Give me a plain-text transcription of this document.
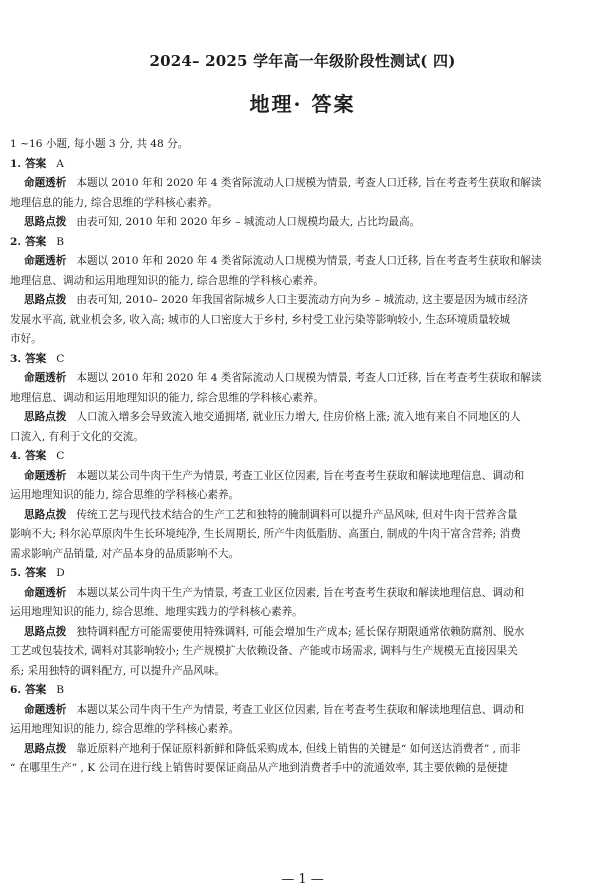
2024– 2025 学年高一年级阶段性测试( 四)
地理· 答案
1 ~16 小题, 每小题 3 分, 共 48 分。
1. 答案 A
命题透析 本题以 2010 年和 2020 年 4 类省际流动人口规模为情景, 考查人口迁移, 旨在考查考生获取和解读
地理信息的能力, 综合思维的学科核心素养。
思路点拨 由表可知, 2010 年和 2020 年乡 – 城流动人口规模均最大, 占比均最高。
2. 答案 B
命题透析 本题以 2010 年和 2020 年 4 类省际流动人口规模为情景, 考查人口迁移, 旨在考查考生获取和解读
地理信息、调动和运用地理知识的能力, 综合思维的学科核心素养。
思路点拨 由表可知, 2010– 2020 年我国省际城乡人口主要流动方向为乡 – 城流动, 这主要是因为城市经济
发展水平高, 就业机会多, 收入高; 城市的人口密度大于乡村, 乡村受工业污染等影响较小, 生态环境质量较城
市好。
3. 答案 C
命题透析 本题以 2010 年和 2020 年 4 类省际流动人口规模为情景, 考查人口迁移, 旨在考查考生获取和解读
地理信息、调动和运用地理知识的能力, 综合思维的学科核心素养。
思路点拨 人口流入增多会导致流入地交通拥堵, 就业压力增大, 住房价格上涨; 流入地有来自不同地区的人
口流入, 有利于文化的交流。
4. 答案 C
命题透析 本题以某公司牛肉干生产为情景, 考查工业区位因素, 旨在考查考生获取和解读地理信息、调动和
运用地理知识的能力, 综合思维的学科核心素养。
思路点拨 传统工艺与现代技术结合的生产工艺和独特的腌制调料可以提升产品风味, 但对牛肉干营养含量
影响不大; 科尔沁草原肉牛生长环境纯净, 生长周期长, 所产牛肉低脂肪、高蛋白, 制成的牛肉干富含营养; 消费
需求影响产品销量, 对产品本身的品质影响不大。
5. 答案 D
命题透析 本题以某公司牛肉干生产为情景, 考查工业区位因素, 旨在考查考生获取和解读地理信息、调动和
运用地理知识的能力, 综合思维、地理实践力的学科核心素养。
思路点拨 独特调料配方可能需要使用特殊调料, 可能会增加生产成本; 延长保存期限通常依赖防腐剂、脱水
工艺或包装技术, 调料对其影响较小; 生产规模扩大依赖设备、产能或市场需求, 调料与生产规模无直接因果关
系; 采用独特的调料配方, 可以提升产品风味。
6. 答案 B
命题透析 本题以某公司牛肉干生产为情景, 考查工业区位因素, 旨在考查考生获取和解读地理信息、调动和
运用地理知识的能力, 综合思维的学科核心素养。
思路点拨 靠近原料产地利于保证原料新鲜和降低采购成本, 但线上销售的关键是“ 如何送达消费者” , 而非
“ 在哪里生产” , K 公司在进行线上销售时要保证商品从产地到消费者手中的流通效率, 其主要依赖的是便捷
— 1 —
